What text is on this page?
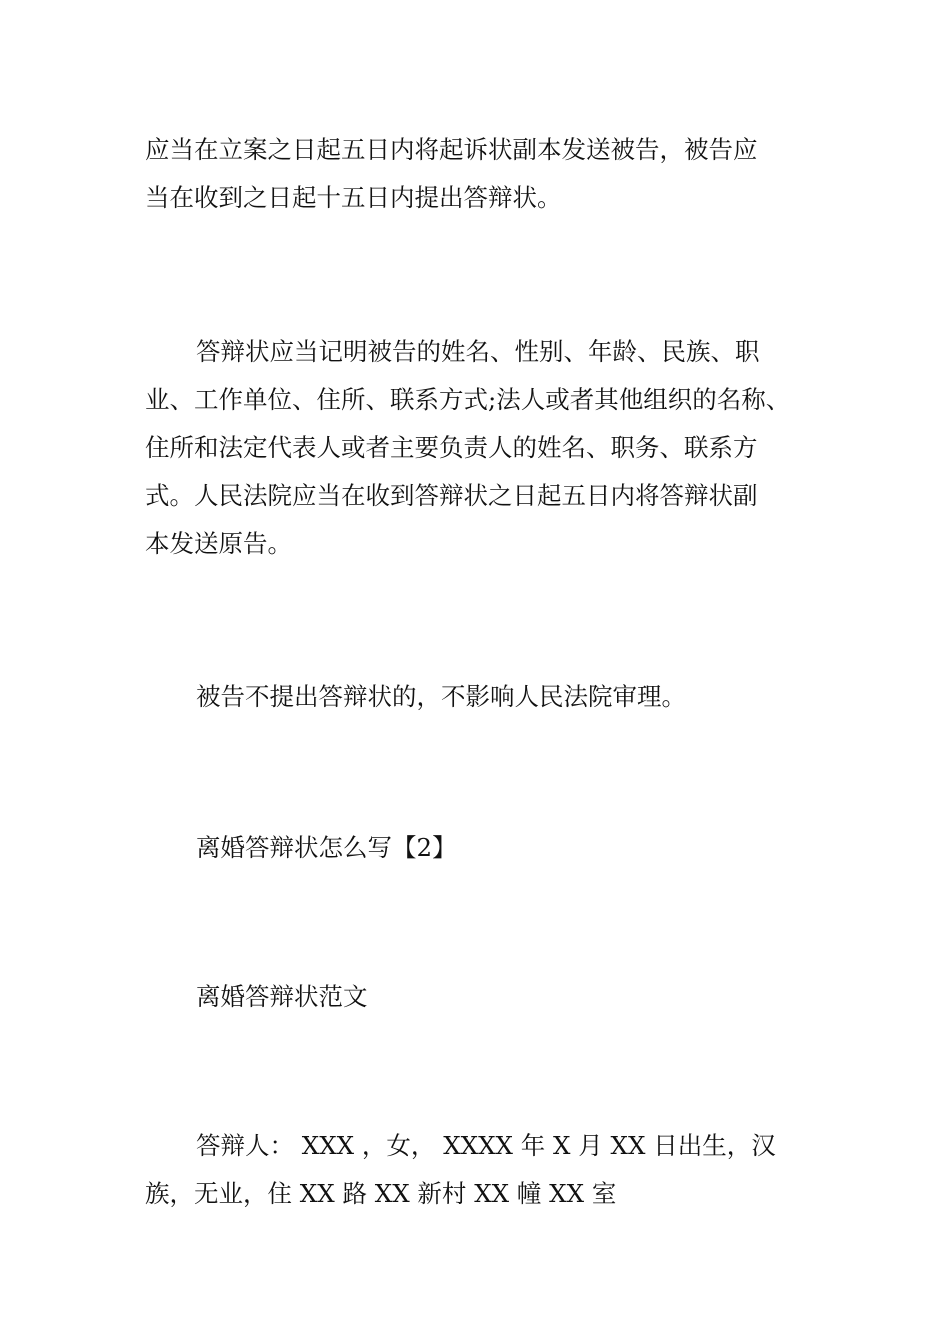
应当在立案之日起五日内将起诉状副本发送被告，被告应
当在收到之日起十五日内提出答辩状。
答辩状应当记明被告的姓名、性别、年龄、民族、职
业、工作单位、住所、联系方式;法人或者其他组织的名称、
住所和法定代表人或者主要负责人的姓名、职务、联系方
式。人民法院应当在收到答辩状之日起五日内将答辩状副
本发送原告。
被告不提出答辩状的，不影响人民法院审理。
离婚答辩状怎么写【2】
离婚答辩状范文
答辩人： XXX ，女， XXXX 年 X 月 XX 日出生，汉
族，无业，住 XX 路 XX 新村 XX 幢 XX 室
